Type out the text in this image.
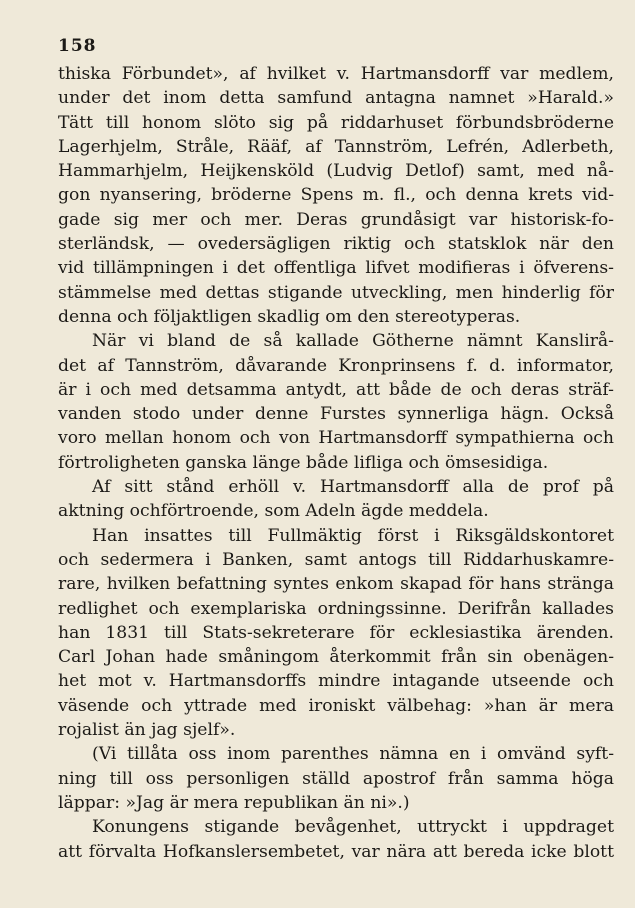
158
thiska Förbundet», af hvilket v. Hartmansdorff var medlem,
under det inom detta samfund antagna namnet »Harald.»
Tätt till honom slöto sig på riddarhuset förbundsbröderne
Lagerhjelm, Stråle, Rääf, af Tannström, Lefrén, Adlerbeth,
Hammarhjelm, Heijkensköld (Ludvig Detlof) samt, med nå-
gon nyansering, bröderne Spens m. fl., och denna krets vid-
gade sig mer och mer. Deras grundåsigt var historisk-fo-
sterländsk, — ovedersägligen riktig och statsklok när den
vid tillämpningen i det offentliga lifvet modifieras i öfverens-
stämmelse med dettas stigande utveckling, men hinderlig för
denna och följaktligen skadlig om den stereotyperas.
När vi bland de så kallade Götherne nämnt Kanslirå-
det af Tannström, dåvarande Kronprinsens f. d. informator,
är i och med detsamma antydt, att både de och deras sträf-
vanden stodo under denne Furstes synnerliga hägn. Också
voro mellan honom och von Hartmansdorff sympathierna och
förtroligheten ganska länge både lifliga och ömsesidiga.
Af sitt stånd erhöll v. Hartmansdorff alla de prof på
aktning ochförtroende, som Adeln ägde meddela.
Han insattes till Fullmäktig först i Riksgäldskontoret
och sedermera i Banken, samt antogs till Riddarhuskamre-
rare, hvilken befattning syntes enkom skapad för hans stränga
redlighet och exemplariska ordningssinne. Derifrån kallades
han 1831 till Stats-sekreterare för ecklesiastika ärenden.
Carl Johan hade småningom återkommit från sin obenägen-
het mot v. Hartmansdorffs mindre intagande utseende och
väsende och yttrade med ironiskt välbehag: »han är mera
rojalist än jag sjelf».
(Vi tillåta oss inom parenthes nämna en i omvänd syft-
ning till oss personligen ställd apostrof från samma höga
läppar: »Jag är mera republikan än ni».)
Konungens stigande bevågenhet, uttryckt i uppdraget
att förvalta Hofkanslersembetet, var nära att bereda icke blott
